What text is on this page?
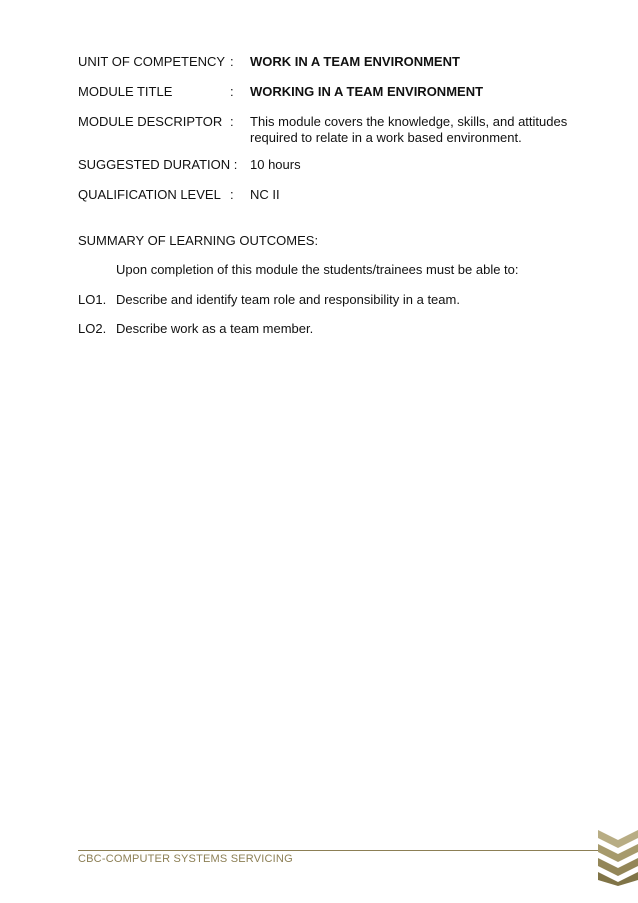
UNIT OF COMPETENCY :	WORK IN A TEAM ENVIRONMENT
MODULE TITLE	:	WORKING IN A TEAM ENVIRONMENT
MODULE DESCRIPTOR :	This module covers the knowledge, skills, and attitudes required to relate in a work based environment.
SUGGESTED DURATION : 10 hours
QUALIFICATION LEVEL :	NC II
SUMMARY OF LEARNING OUTCOMES:
Upon completion of this module the students/trainees must be able to:
LO1. Describe and identify team role and responsibility in a team.
LO2. Describe work as a team member.
CBC-COMPUTER SYSTEMS SERVICING
